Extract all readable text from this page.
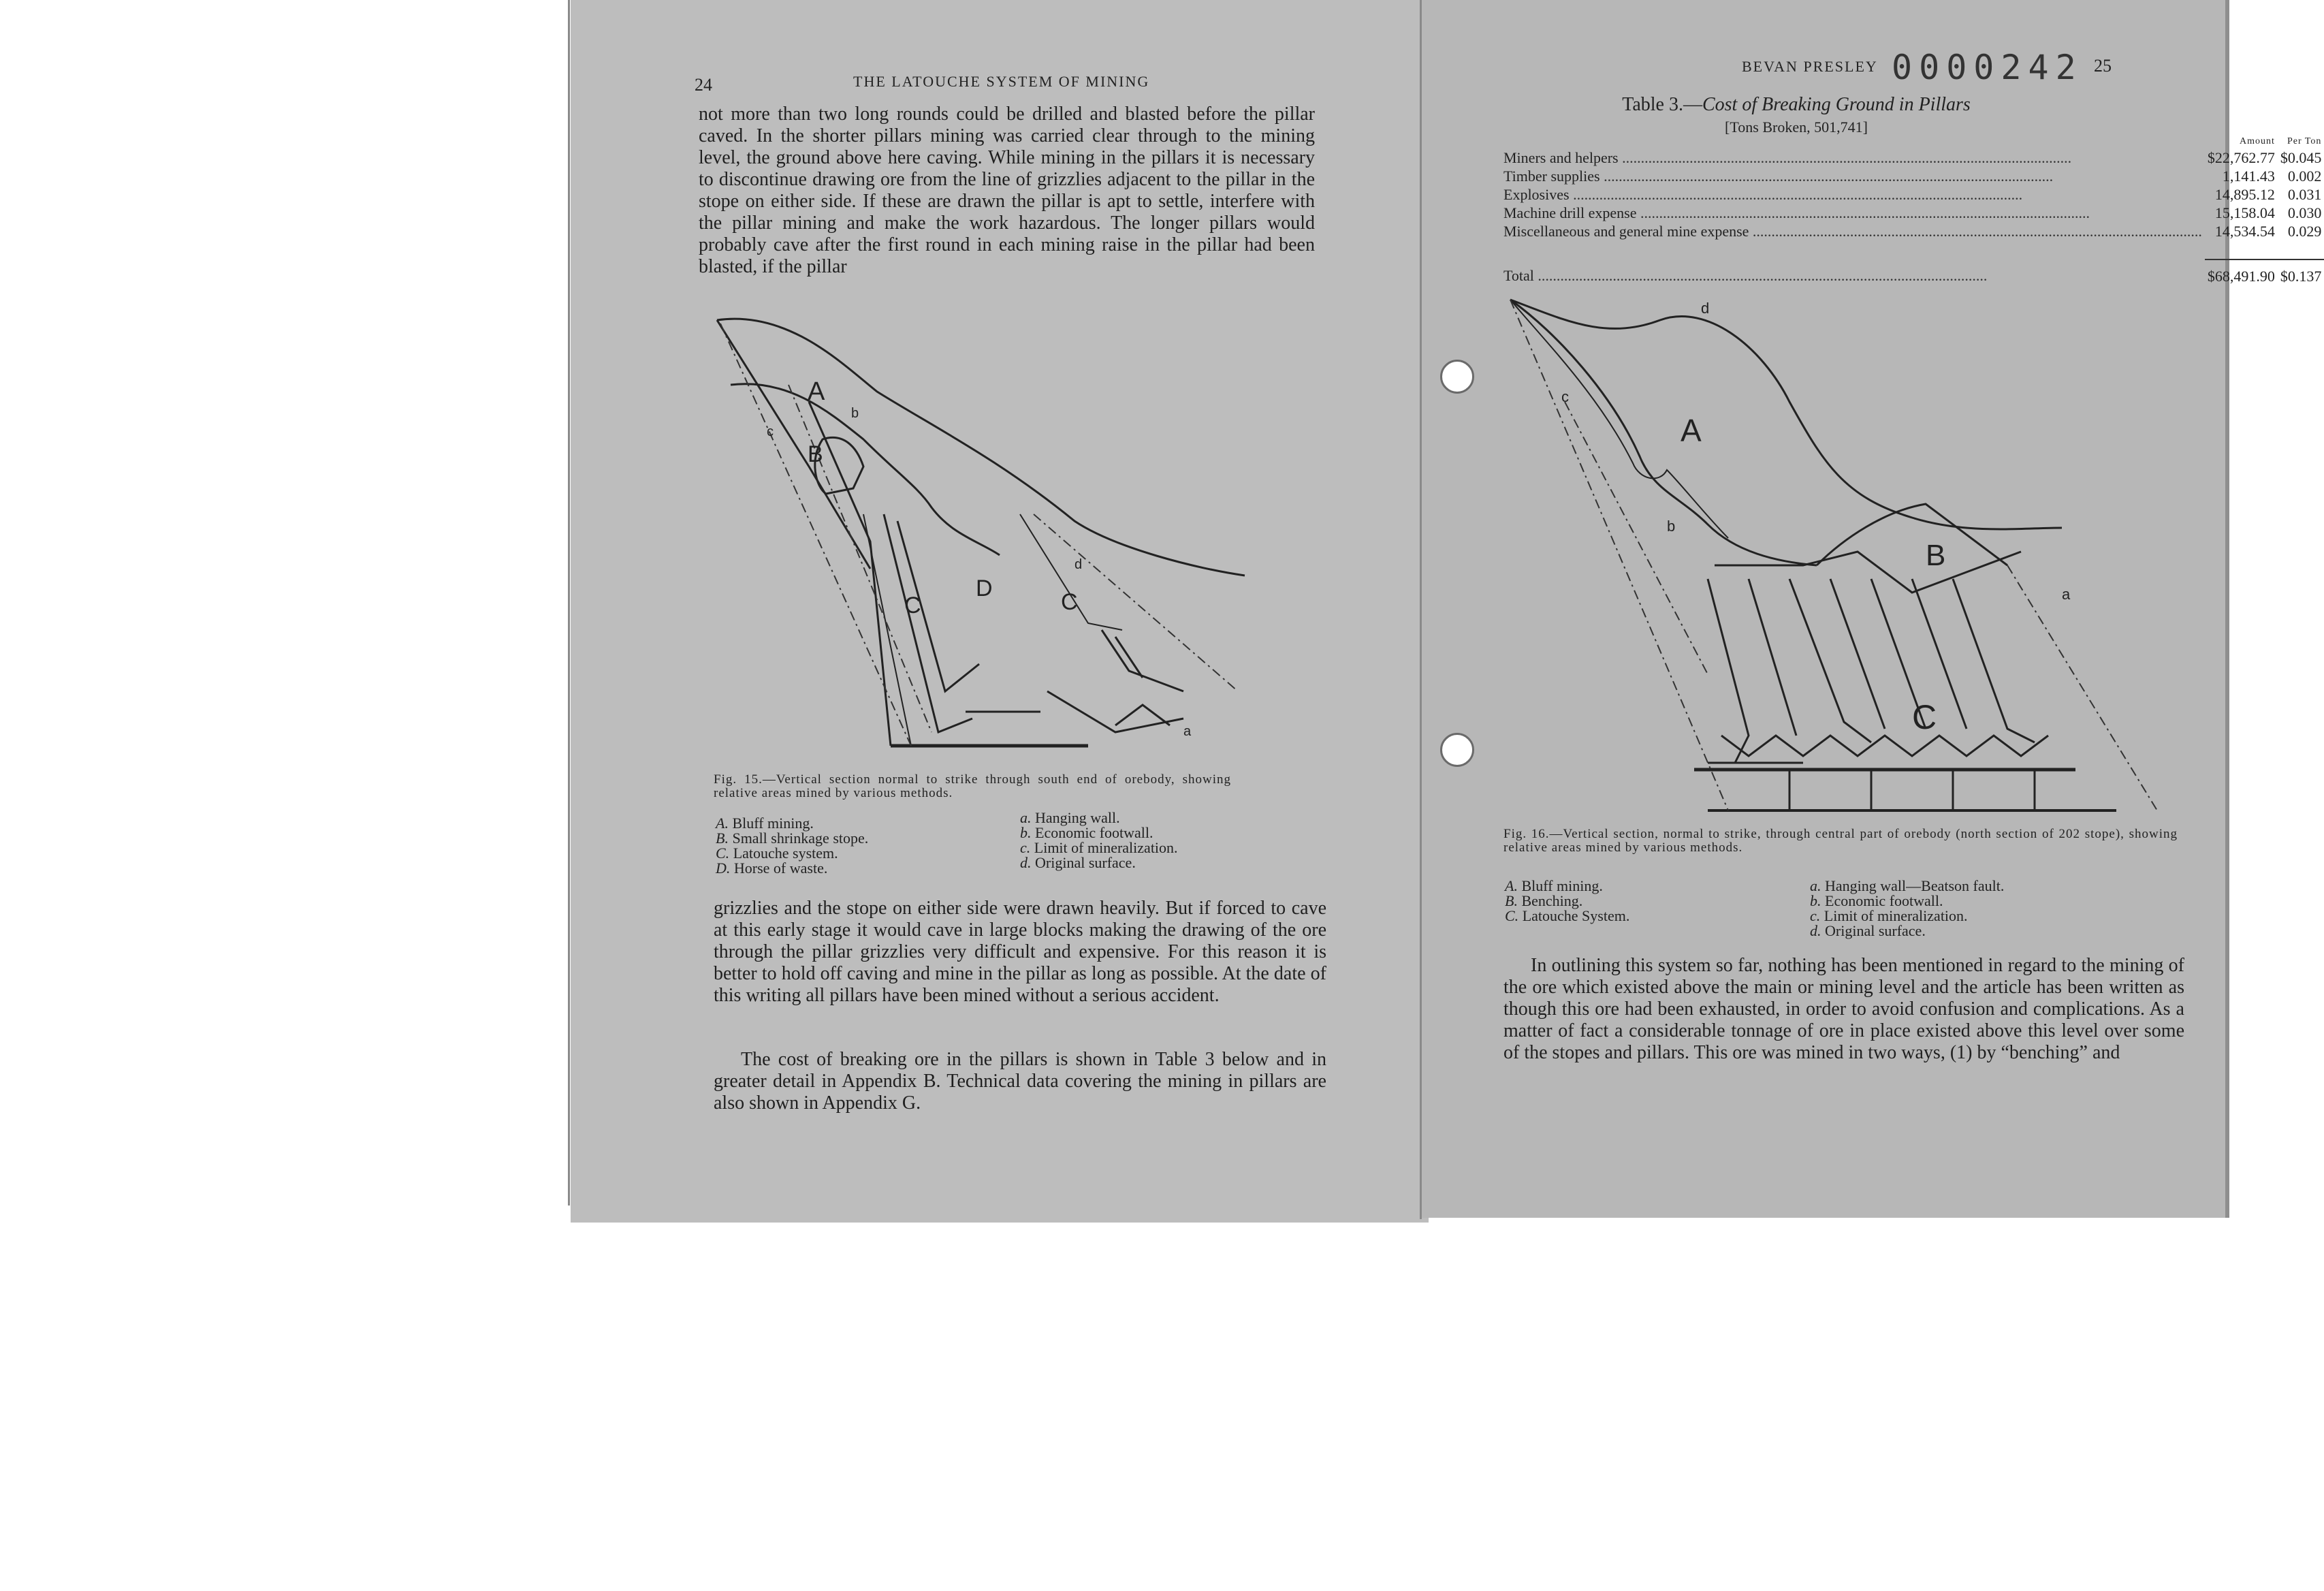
24	THE LATOUCHE SYSTEM OF MINING

not more than two long rounds could be drilled and blasted before the pillar caved. In the shorter pillars mining was carried clear through to the mining level, the ground above here caving. While mining in the pillars it is necessary to discontinue drawing ore from the line of grizzlies adjacent to the pillar in the stope on either side. If these are drawn the pillar is apt to settle, interfere with the pillar mining and make the work hazardous. The longer pillars would probably cave after the first round in each mining raise in the pillar had been blasted, if the pillar

A
B
C
D
C
c
b
d
a
Fig. 15.—Vertical section normal to strike through south end of orebody, showing relative areas mined by various methods.
A. Bluff mining.
B. Small shrinkage stope.
C. Latouche system.
D. Horse of waste.
a. Hanging wall.
b. Economic footwall.
c. Limit of mineralization.
d. Original surface.

grizzlies and the stope on either side were drawn heavily. But if forced to cave at this early stage it would cave in large blocks making the drawing of the ore through the pillar grizzlies very difficult and expensive. For this reason it is better to hold off caving and mine in the pillar as long as possible. At the date of this writing all pillars have been mined without a serious accident.

The cost of breaking ore in the pillars is shown in Table 3 below and in greater detail in Appendix B. Technical data covering the mining in pillars are also shown in Appendix G.

BEVAN PRESLEY 0000242 25
Table 3.—Cost of Breaking Ground in Pillars
[Tons Broken, 501,741]
	Amount	Per Ton
Miners and helpers .....	$22,762.77	$0.045
Timber supplies .....	1,141.43	0.002
Explosives .....	14,895.12	0.031
Machine drill expense .....	15,158.04	0.030
Miscellaneous and general mine expense .....	14,534.54	0.029

Total .....	$68,491.90	$0.137
A
B
C
d
c
b
a
Fig. 16.—Vertical section, normal to strike, through central part of orebody (north section of 202 stope), showing relative areas mined by various methods.
A. Bluff mining.
B. Benching.
C. Latouche System.
a. Hanging wall—Beatson fault.
b. Economic footwall.
c. Limit of mineralization.
d. Original surface.

In outlining this system so far, nothing has been mentioned in regard to the mining of the ore which existed above the main or mining level and the article has been written as though this ore had been exhausted, in order to avoid confusion and complications. As a matter of fact a considerable tonnage of ore in place existed above this level over some of the stopes and pillars. This ore was mined in two ways, (1) by “benching” and
